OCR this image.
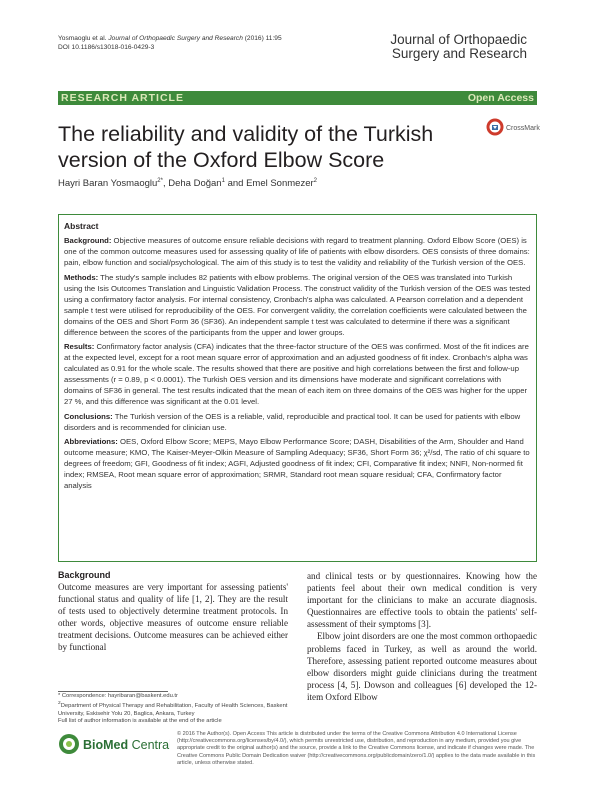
Yosmaoglu et al. Journal of Orthopaedic Surgery and Research (2016) 11:95
DOI 10.1186/s13018-016-0429-3
Journal of Orthopaedic
Surgery and Research
RESEARCH ARTICLE	Open Access
The reliability and validity of the Turkish version of the Oxford Elbow Score
CrossMark
Hayri Baran Yosmaoglu$^{2*}$, Deha Doğan$^1$ and Emel Sonmezer$^2$
Abstract

Background: Objective measures of outcome ensure reliable decisions with regard to treatment planning. Oxford Elbow Score (OES) is one of the common outcome measures used for assessing quality of life of patients with elbow disorders. OES consists of three domains: pain, elbow function and social/psychological. The aim of this study is to test the validity and reliability of the Turkish version of the OES.

Methods: The study's sample includes 82 patients with elbow problems. The original version of the OES was translated into Turkish using the Isis Outcomes Translation and Linguistic Validation Process. The construct validity of the Turkish version of the OES was tested using a confirmatory factor analysis. For internal consistency, Cronbach's alpha was calculated. A Pearson correlation and a dependent sample t test were utilised for reproducibility of the OES. For convergent validity, the correlation coefficients were calculated between the domains of the OES and Short Form 36 (SF36). An independent sample t test was calculated to determine if there was a significant difference between the scores of the participants from the upper and lower groups.

Results: Confirmatory factor analysis (CFA) indicates that the three-factor structure of the OES was confirmed. Most of the fit indices are at the expected level, except for a root mean square error of approximation and an adjusted goodness of fit index. Cronbach's alpha was calculated as 0.91 for the whole scale. The results showed that there are positive and high correlations between the first and follow-up assessments (r = 0.89, p < 0.0001). The Turkish OES version and its dimensions have moderate and significant correlations with domains of SF36 in general. The test results indicated that the mean of each item on three domains of the OES was higher for the upper 27 %, and this difference was significant at the 0.01 level.

Conclusions: The Turkish version of the OES is a reliable, valid, reproducible and practical tool. It can be used for patients with elbow disorders and is recommended for clinician use.

Abbreviations: OES, Oxford Elbow Score; MEPS, Mayo Elbow Performance Score; DASH, Disabilities of the Arm, Shoulder and Hand outcome measure; KMO, The Kaiser-Meyer-Olkin Measure of Sampling Adequacy; SF36, Short Form 36; χ²/sd, The ratio of chi square to degrees of freedom; GFI, Goodness of fit index; AGFI, Adjusted goodness of fit index; CFI, Comparative fit index; NNFI, Non-normed fit index; RMSEA, Root mean square error of approximation; SRMR, Standard root mean square residual; CFA, Confirmatory factor analysis

Background

Outcome measures are very important for assessing patients' functional status and quality of life [1, 2]. They are the result of tests used to objectively determine treatment protocols. In other words, objective measures of outcome ensure reliable treatment decisions. Outcome measures can be achieved either by functional

and clinical tests or by questionnaires. Knowing how the patients feel about their own medical condition is very important for the clinicians to make an accurate diagnosis. Questionnaires are effective tools to obtain the patients' self-assessment of their symptoms [3].

Elbow joint disorders are one the most common orthopaedic problems faced in Turkey, as well as around the world. Therefore, assessing patient reported outcome measures about elbow disorders might guide clinicians during the treatment process [4, 5]. Dowson and colleagues [6] developed the 12-item Oxford Elbow

* Correspondence: hayribaran@baskent.edu.tr
$^2$Department of Physical Therapy and Rehabilitation, Faculty of Health Sciences, Baskent University, Eskisehir Yolu 20, Baglica, Ankara, Turkey
Full list of author information is available at the end of the article
BioMed Central
© 2016 The Author(s). Open Access This article is distributed under the terms of the Creative Commons Attribution 4.0 International License (http://creativecommons.org/licenses/by/4.0/), which permits unrestricted use, distribution, and reproduction in any medium, provided you give appropriate credit to the original author(s) and the source, provide a link to the Creative Commons license, and indicate if changes were made. The Creative Commons Public Domain Dedication waiver (http://creativecommons.org/publicdomain/zero/1.0/) applies to the data made available in this article, unless otherwise stated.
